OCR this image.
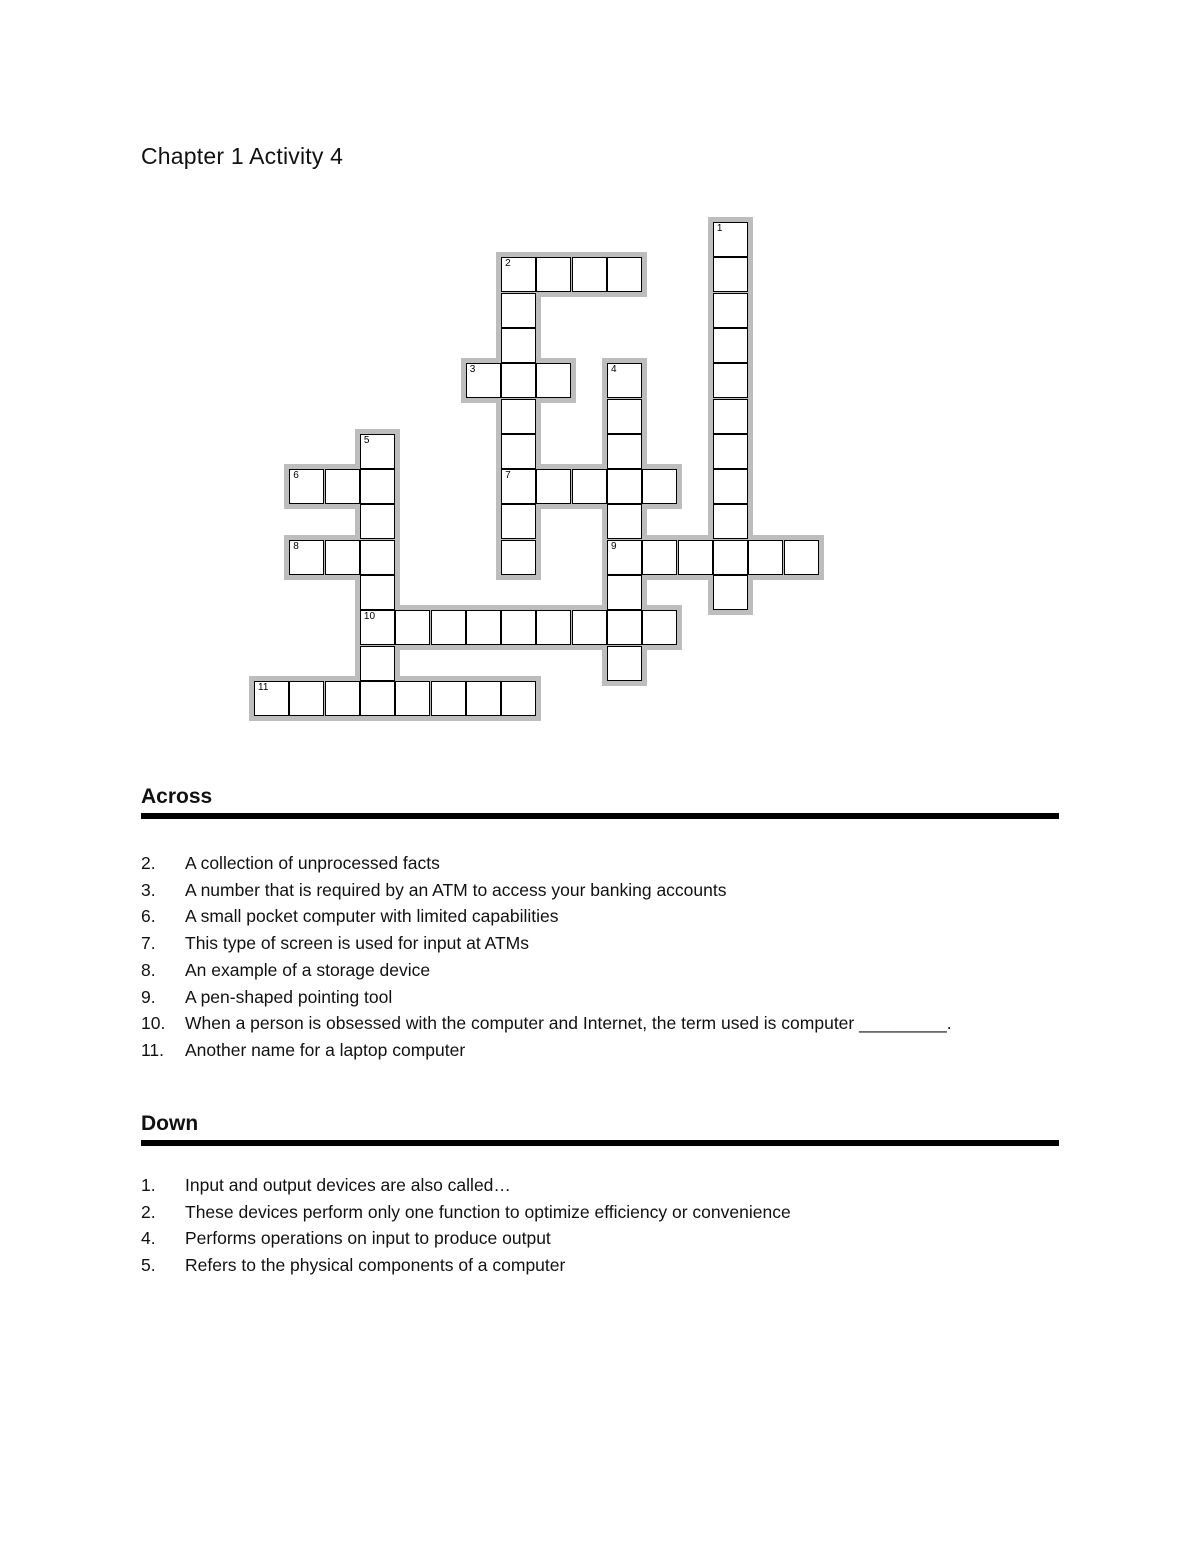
Chapter 1 Activity 4
1
2
7
3	4
9
5
10
6
8
11
Across
2.	A collection of unprocessed facts
3.	A number that is required by an ATM to access your banking accounts
6.	A small pocket computer with limited capabilities
7.	This type of screen is used for input at ATMs
8.	An example of a storage device
9.	A pen-shaped pointing tool
10.	When a person is obsessed with the computer and Internet, the term used is computer _________.
11.	Another name for a laptop computer
Down
1.	Input and output devices are also called…
2.	These devices perform only one function to optimize efficiency or convenience
4.	Performs operations on input to produce output
5.	Refers to the physical components of a computer
